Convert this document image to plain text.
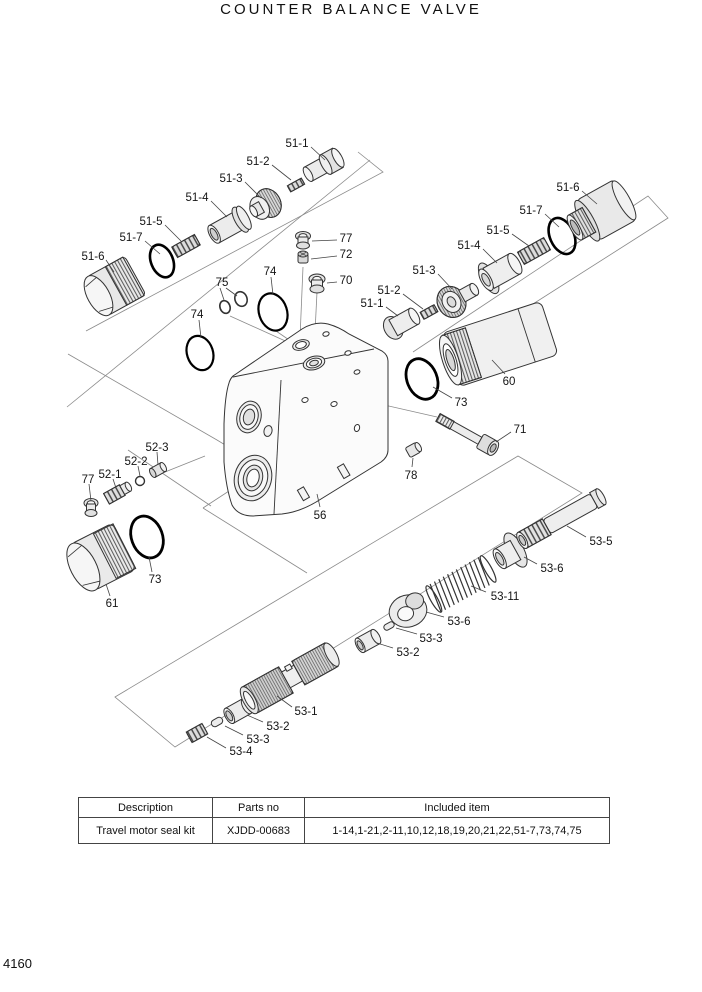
COUNTER BALANCE VALVE
51-1
51-2
51-3
51-4
51-5
51-7
51-6
77
72
70
74
75
74
51-6
51-7
51-5
51-4
51-3
51-2
51-1
60
73
71
78
56
52-3
52-2
52-1
77
73
61
53-5
53-6
53-11
53-6
53-3
53-2
53-1
53-2
53-3
53-4
Description	Parts no	Included item
Travel motor seal kit	XJDD-00683	1-14,1-21,2-11,10,12,18,19,20,21,22,51-7,73,74,75
4160
